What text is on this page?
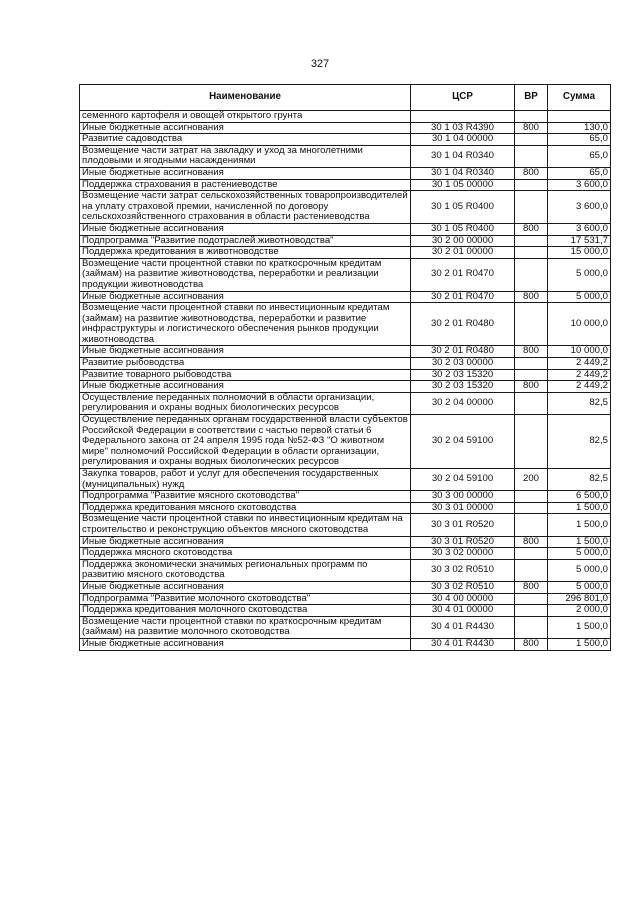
327
Наименование	ЦСР	ВР	Сумма
семенного картофеля и овощей открытого грунта			
Иные бюджетные ассигнования	30 1 03 R4390	800	130,0
Развитие садоводства	30 1 04 00000		65,0
Возмещение части затрат на закладку и уход за многолетними плодовыми и ягодными насаждениями	30 1 04 R0340		65,0
Иные бюджетные ассигнования	30 1 04 R0340	800	65,0
Поддержка страхования в растениеводстве	30 1 05 00000		3 600,0
Возмещение части затрат сельскохозяйственных товаропроизводителей на уплату страховой премии, начисленной по договору сельскохозяйственного страхования в области растениеводства	30 1 05 R0400		3 600,0
Иные бюджетные ассигнования	30 1 05 R0400	800	3 600,0
Подпрограмма "Развитие подотраслей животноводства"	30 2 00 00000		17 531,7
Поддержка кредитования в животноводстве	30 2 01 00000		15 000,0
Возмещение части процентной ставки по краткосрочным кредитам (займам) на развитие животноводства, переработки и реализации продукции животноводства	30 2 01 R0470		5 000,0
Иные бюджетные ассигнования	30 2 01 R0470	800	5 000,0
Возмещение части процентной ставки по инвестиционным кредитам (займам) на развитие животноводства, переработки и развитие инфраструктуры и логистического обеспечения рынков продукции животноводства	30 2 01 R0480		10 000,0
Иные бюджетные ассигнования	30 2 01 R0480	800	10 000,0
Развитие рыбоводства	30 2 03 00000		2 449,2
Развитие товарного рыбоводства	30 2 03 15320		2 449,2
Иные бюджетные ассигнования	30 2 03 15320	800	2 449,2
Осуществление переданных полномочий в области организации, регулирования и охраны водных биологических ресурсов	30 2 04 00000		82,5
Осуществление переданных органам государственной власти субъектов Российской Федерации в соответствии с частью первой статьи 6 Федерального закона от 24 апреля 1995 года №52-ФЗ "О животном мире" полномочий Российской Федерации в области организации, регулирования и охраны водных биологических ресурсов	30 2 04 59100		82,5
Закупка товаров, работ и услуг для обеспечения государственных (муниципальных) нужд	30 2 04 59100	200	82,5
Подпрограмма "Развитие мясного скотоводства"	30 3 00 00000		6 500,0
Поддержка кредитования мясного скотоводства	30 3 01 00000		1 500,0
Возмещение части процентной ставки по инвестиционным кредитам на строительство и реконструкцию объектов мясного скотоводства	30 3 01 R0520		1 500,0
Иные бюджетные ассигнования	30 3 01 R0520	800	1 500,0
Поддержка мясного скотоводства	30 3 02 00000		5 000,0
Поддержка экономически значимых региональных программ по развитию мясного скотоводства	30 3 02 R0510		5 000,0
Иные бюджетные ассигнования	30 3 02 R0510	800	5 000,0
Подпрограмма "Развитие молочного скотоводства"	30 4 00 00000		296 801,0
Поддержка кредитования молочного скотоводства	30 4 01 00000		2 000,0
Возмещение части процентной ставки по краткосрочным кредитам (займам) на развитие молочного скотоводства	30 4 01 R4430		1 500,0
Иные бюджетные ассигнования	30 4 01 R4430	800	1 500,0
